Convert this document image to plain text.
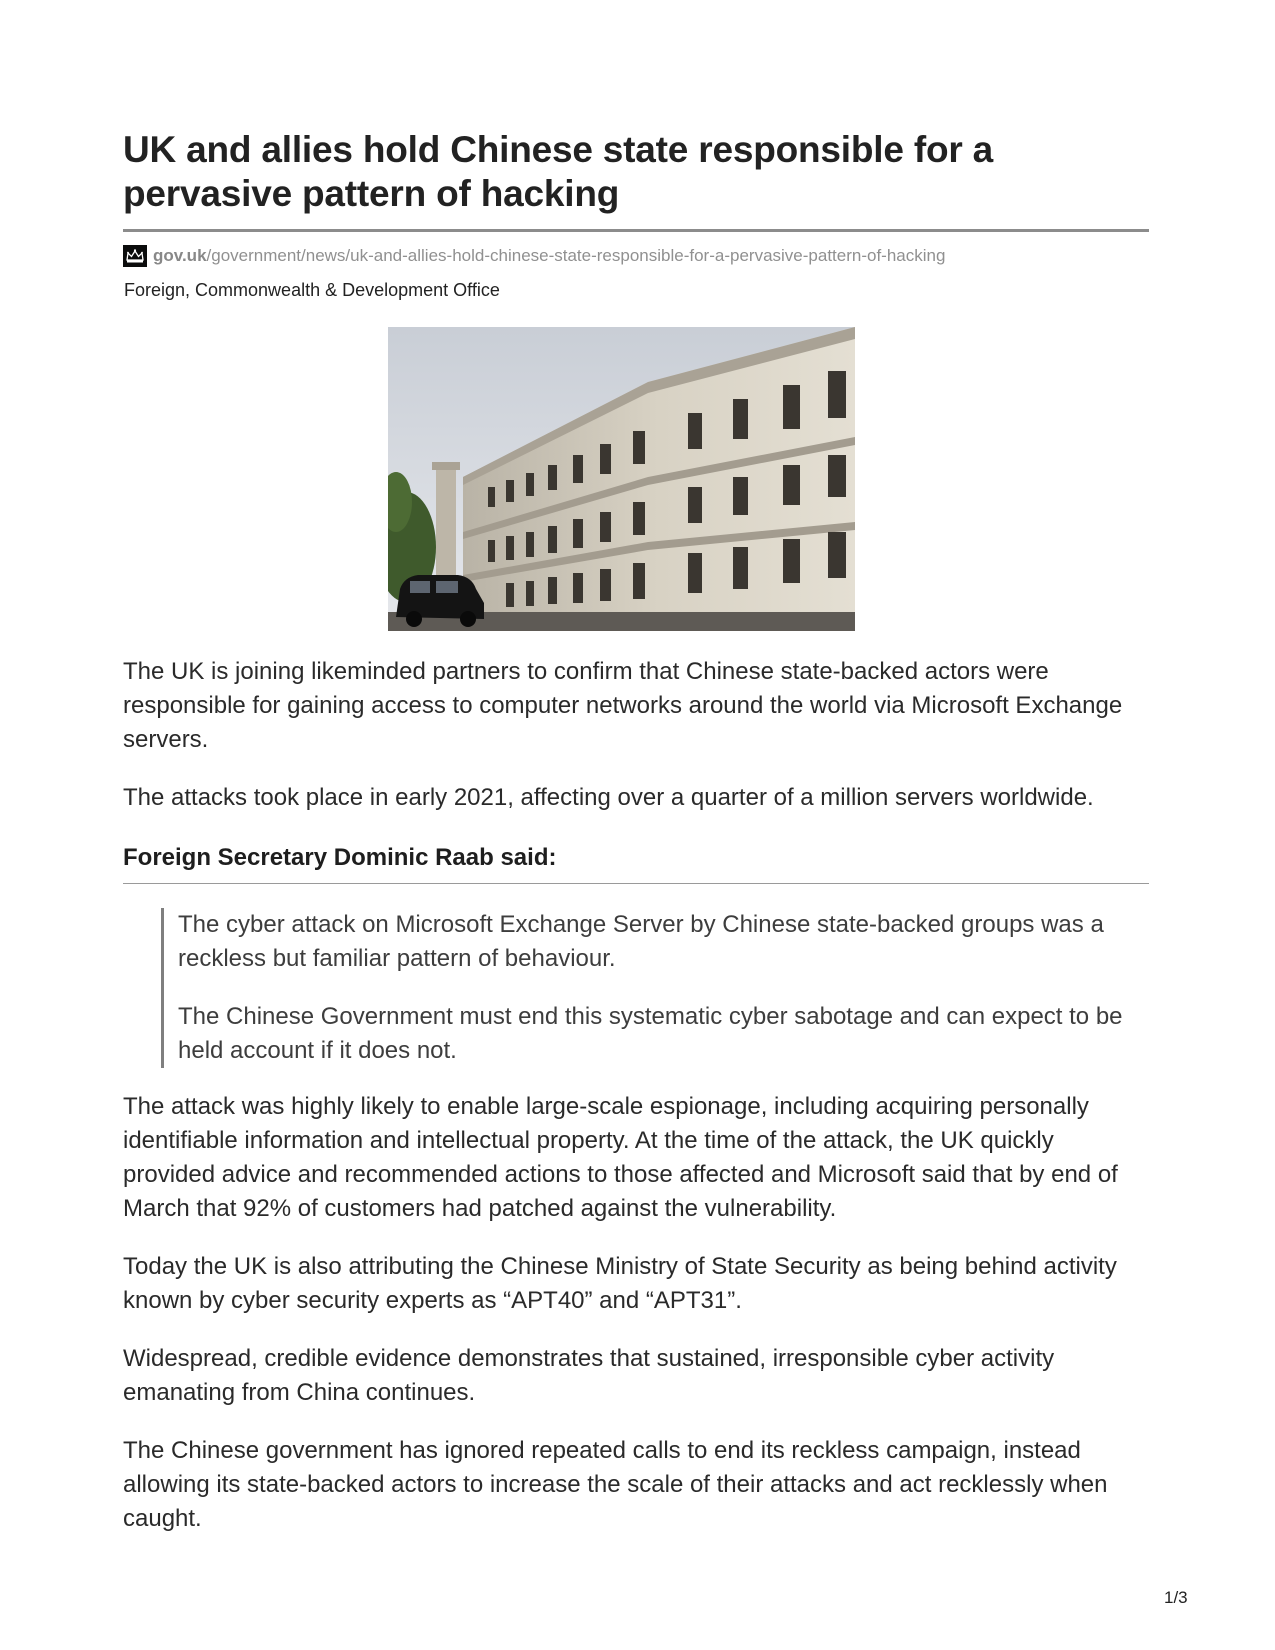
UK and allies hold Chinese state responsible for a pervasive pattern of hacking
gov.uk /government/news/uk-and-allies-hold-chinese-state-responsible-for-a-pervasive-pattern-of-hacking
Foreign, Commonwealth & Development Office

The UK is joining likeminded partners to confirm that Chinese state-backed actors were responsible for gaining access to computer networks around the world via Microsoft Exchange servers.

The attacks took place in early 2021, affecting over a quarter of a million servers worldwide.

Foreign Secretary Dominic Raab said:

The cyber attack on Microsoft Exchange Server by Chinese state-backed groups was a reckless but familiar pattern of behaviour.

The Chinese Government must end this systematic cyber sabotage and can expect to be held account if it does not.

The attack was highly likely to enable large-scale espionage, including acquiring personally identifiable information and intellectual property. At the time of the attack, the UK quickly provided advice and recommended actions to those affected and Microsoft said that by end of March that 92% of customers had patched against the vulnerability.

Today the UK is also attributing the Chinese Ministry of State Security as being behind activity known by cyber security experts as “APT40” and “APT31”.

Widespread, credible evidence demonstrates that sustained, irresponsible cyber activity emanating from China continues.

The Chinese government has ignored repeated calls to end its reckless campaign, instead allowing its state-backed actors to increase the scale of their attacks and act recklessly when caught.

1/3
